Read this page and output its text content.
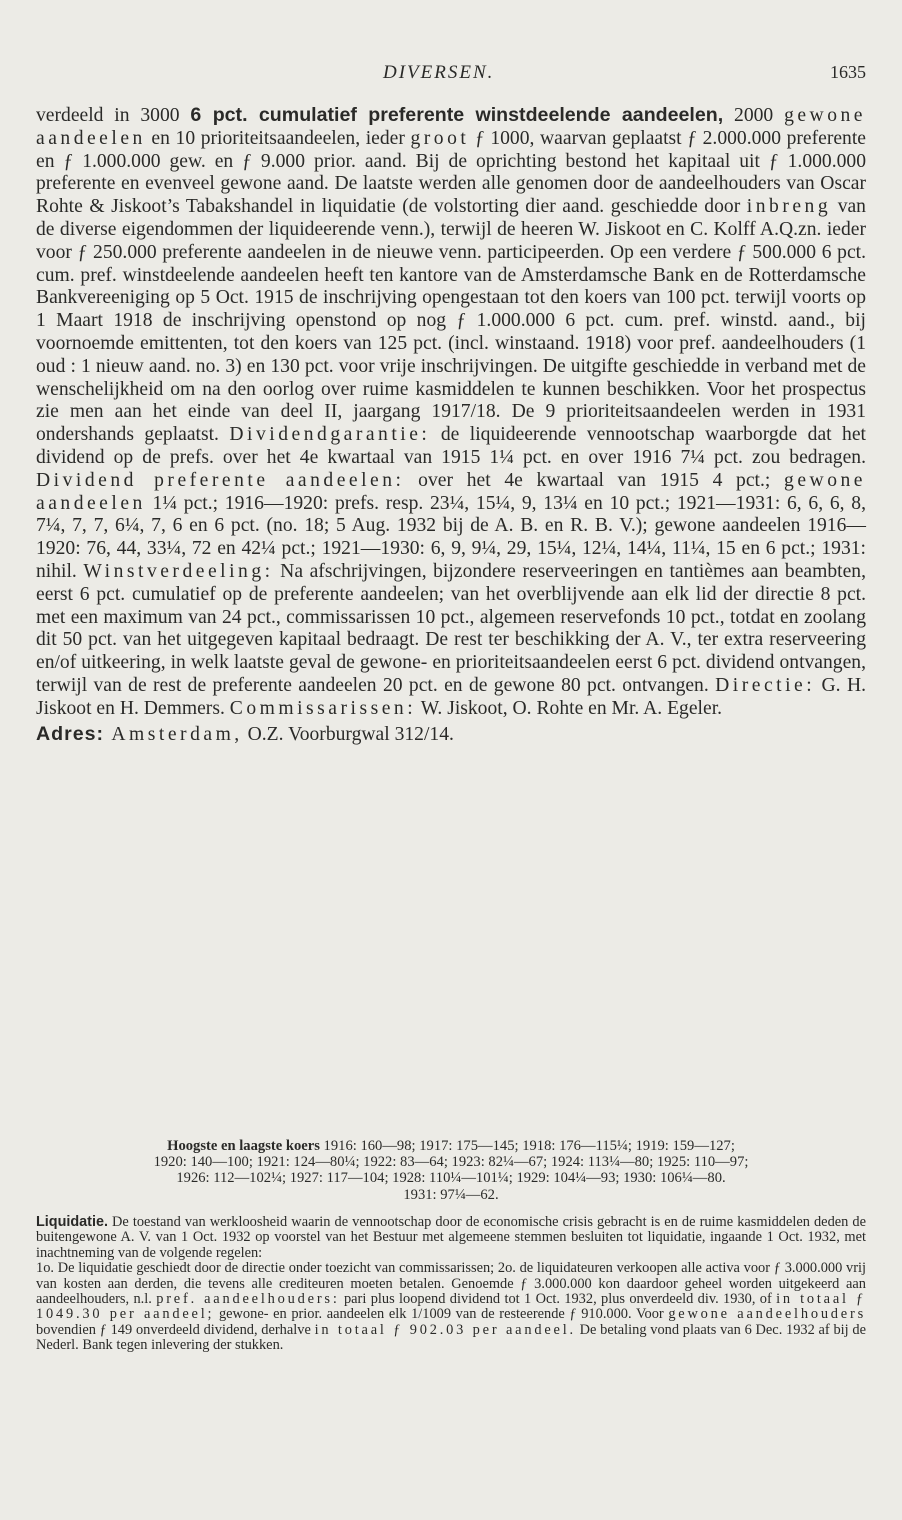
DIVERSEN.	1635

verdeeld in 3000 6 pct. cumulatief preferente winstdeelende aandeelen, 2000 gewone aandeelen en 10 prioriteitsaandeelen, ieder groot ƒ 1000, waarvan geplaatst ƒ 2.000.000 preferente en ƒ 1.000.000 gew. en ƒ 9.000 prior. aand. Bij de oprichting bestond het kapitaal uit ƒ 1.000.000 preferente en evenveel gewone aand. De laatste werden alle genomen door de aandeelhouders van Oscar Rohte & Jiskoot’s Tabakshandel in liquidatie (de volstorting dier aand. geschiedde door inbreng van de diverse eigendommen der liquideerende venn.), terwijl de heeren W. Jiskoot en C. Kolff A.Q.zn. ieder voor ƒ 250.000 preferente aandeelen in de nieuwe venn. participeerden. Op een verdere ƒ 500.000 6 pct. cum. pref. winstdeelende aandeelen heeft ten kantore van de Amsterdamsche Bank en de Rotterdamsche Bankvereeniging op 5 Oct. 1915 de inschrijving opengestaan tot den koers van 100 pct. terwijl voorts op 1 Maart 1918 de inschrijving openstond op nog ƒ 1.000.000 6 pct. cum. pref. winstd. aand., bij voornoemde emittenten, tot den koers van 125 pct. (incl. winstaand. 1918) voor pref. aandeelhouders (1 oud : 1 nieuw aand. no. 3) en 130 pct. voor vrije inschrijvingen. De uitgifte geschiedde in verband met de wenschelijkheid om na den oorlog over ruime kasmiddelen te kunnen beschikken. Voor het prospectus zie men aan het einde van deel II, jaargang 1917/18. De 9 prioriteitsaandeelen werden in 1931 ondershands geplaatst. Dividendgarantie: de liquideerende vennootschap waarborgde dat het dividend op de prefs. over het 4e kwartaal van 1915 1¼ pct. en over 1916 7¼ pct. zou bedragen. Dividend preferente aandeelen: over het 4e kwartaal van 1915 4 pct.; gewone aandeelen 1¼ pct.; 1916—1920: prefs. resp. 23¼, 15¼, 9, 13¼ en 10 pct.; 1921—1931: 6, 6, 6, 8, 7¼, 7, 7, 6¼, 7, 6 en 6 pct. (no. 18; 5 Aug. 1932 bij de A. B. en R. B. V.); gewone aandeelen 1916—1920: 76, 44, 33¼, 72 en 42¼ pct.; 1921—1930: 6, 9, 9¼, 29, 15¼, 12¼, 14¼, 11¼, 15 en 6 pct.; 1931: nihil. Winstverdeeling: Na afschrijvingen, bijzondere reserveeringen en tantièmes aan beambten, eerst 6 pct. cumulatief op de preferente aandeelen; van het overblijvende aan elk lid der directie 8 pct. met een maximum van 24 pct., commissarissen 10 pct., algemeen reservefonds 10 pct., totdat en zoolang dit 50 pct. van het uitgegeven kapitaal bedraagt. De rest ter beschikking der A. V., ter extra reserveering en/of uitkeering, in welk laatste geval de gewone- en prioriteitsaandeelen eerst 6 pct. dividend ontvangen, terwijl van de rest de preferente aandeelen 20 pct. en de gewone 80 pct. ontvangen. Directie: G. H. Jiskoot en H. Demmers. Commissarissen: W. Jiskoot, O. Rohte en Mr. A. Egeler.

Adres: Amsterdam, O.Z. Voorburgwal 312/14.

Hoogste en laagste koers 1916: 160—98; 1917: 175—145; 1918: 176—115¼; 1919: 159—127;

1920: 140—100; 1921: 124—80¼; 1922: 83—64; 1923: 82¼—67; 1924: 113¼—80; 1925: 110—97;

1926: 112—102¼; 1927: 117—104; 1928: 110¼—101¼; 1929: 104¼—93; 1930: 106¼—80.

1931: 97¼—62.

Liquidatie. De toestand van werkloosheid waarin de vennootschap door de economische crisis gebracht is en de ruime kasmiddelen deden de buitengewone A. V. van 1 Oct. 1932 op voorstel van het Bestuur met algemeene stemmen besluiten tot liquidatie, ingaande 1 Oct. 1932, met inachtneming van de volgende regelen:

1o. De liquidatie geschiedt door de directie onder toezicht van commissarissen; 2o. de liquidateuren verkoopen alle activa voor ƒ 3.000.000 vrij van kosten aan derden, die tevens alle crediteuren moeten betalen. Genoemde ƒ 3.000.000 kon daardoor geheel worden uitgekeerd aan aandeelhouders, n.l. pref. aandeelhouders: pari plus loopend dividend tot 1 Oct. 1932, plus onverdeeld div. 1930, of in totaal ƒ 1049.30 per aandeel; gewone- en prior. aandeelen elk 1/1009 van de resteerende ƒ 910.000. Voor gewone aandeelhouders bovendien ƒ 149 onverdeeld dividend, derhalve in totaal ƒ 902.03 per aandeel. De betaling vond plaats van 6 Dec. 1932 af bij de Nederl. Bank tegen inlevering der stukken.
